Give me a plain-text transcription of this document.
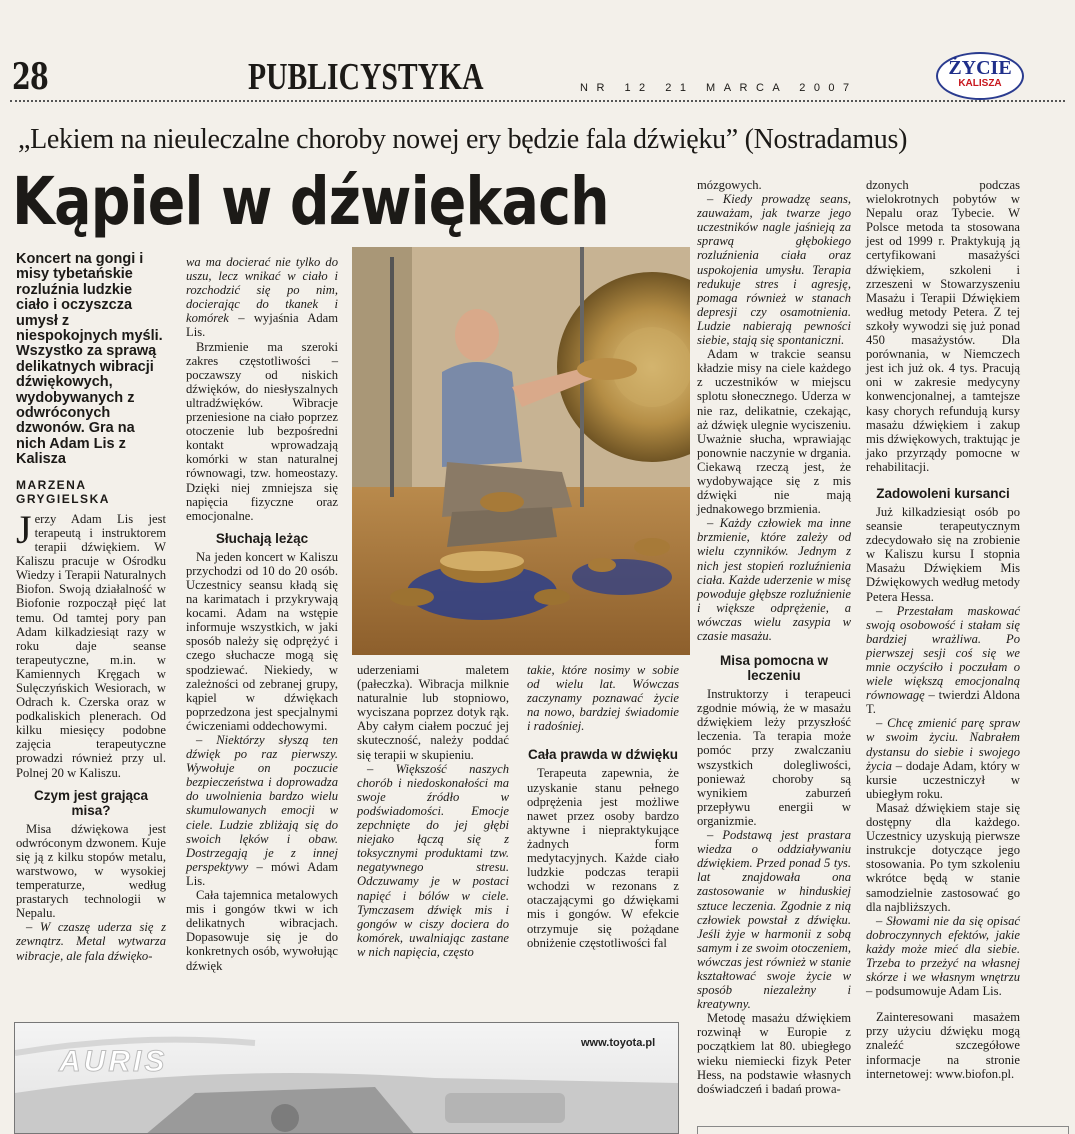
28	PUBLICYSTYKA	NR 12 21 MARCA 2007
ŻYCIE
KALISZA
„Lekiem na nieuleczalne choroby nowej ery będzie fala dźwięku” (Nostradamus)
Kąpiel w dźwiękach
Koncert na gongi i misy tybetańskie rozluźnia ludzkie ciało i oczyszcza umysł z niespokojnych myśli. Wszystko za sprawą delikatnych wibracji dźwiękowych, wydobywanych z odwróconych dzwonów. Gra na nich Adam Lis z Kalisza
MARZENA GRYGIELSKA

Jerzy Adam Lis jest terapeutą i instruktorem terapii dźwiękiem. W Kaliszu pracuje w Ośrodku Wiedzy i Terapii Naturalnych Biofon. Swoją działalność w Biofonie rozpoczął pięć lat temu. Od tamtej pory pan Adam kilkadziesiąt razy w roku daje seanse terapeutyczne, m.in. w Kamiennych Kręgach w Sulęczyńskich Wesiorach, w Odrach k. Czerska oraz w podkaliskich plenerach. Od kilku miesięcy podobne zajęcia terapeutyczne prowadzi również przy ul. Polnej 20 w Kaliszu.

Czym jest grająca misa?

Misa dźwiękowa jest odwróconym dzwonem. Kuje się ją z kilku stopów metalu, warstwowo, w wysokiej temperaturze, według prastarych technologii w Nepalu.

– W czaszę uderza się z zewnątrz. Metal wytwarza wibracje, ale fala dźwięko-

wa ma docierać nie tylko do uszu, lecz wnikać w ciało i rozchodzić się po nim, docierając do tkanek i komórek – wyjaśnia Adam Lis.

Brzmienie ma szeroki zakres częstotliwości – poczawszy od niskich dźwięków, do niesłyszalnych ultradźwięków. Wibracje przeniesione na ciało poprzez otoczenie lub bezpośredni kontakt wprowadzają komórki w stan naturalnej równowagi, tzw. homeostazy. Dzięki niej zmniejsza się napięcia fizyczne oraz emocjonalne.

Słuchają leżąc

Na jeden koncert w Kaliszu przychodzi od 10 do 20 osób. Uczestnicy seansu kładą się na karimatach i przykrywają kocami. Adam na wstępie informuje wszystkich, w jaki sposób należy się odprężyć i czego słuchacze mogą się spodziewać. Niekiedy, w zależności od zebranej grupy, kąpiel w dźwiękach poprzedzona jest specjalnymi ćwiczeniami oddechowymi.

– Niektórzy słyszą ten dźwięk po raz pierwszy. Wywołuje on poczucie bezpieczeństwa i doprowadza do uwolnienia bardzo wielu skumulowanych emocji w ciele. Ludzie zbliżają się do swoich lęków i obaw. Dostrzegają je z innej perspektywy – mówi Adam Lis.

Cała tajemnica metalowych mis i gongów tkwi w ich delikatnych wibracjach. Dopasowuje się je do konkretnych osób, wywołując dźwięk

uderzeniami maletem (pałeczka). Wibracja milknie naturalnie lub stopniowo, wyciszana poprzez dotyk rąk. Aby całym ciałem poczuć jej skuteczność, należy poddać się terapii w skupieniu.

– Większość naszych chorób i niedoskonałości ma swoje źródło w podświadomości. Emocje zepchnięte do jej głębi niejako łączą się z toksycznymi produktami tzw. negatywnego stresu. Odczuwamy je w postaci napięć i bólów w ciele. Tymczasem dźwięk mis i gongów w ciszy dociera do komórek, uwalniając zastane w nich napięcia, często

takie, które nosimy w sobie od wielu lat. Wówczas zaczynamy poznawać życie na nowo, bardziej świadomie i radośniej.

Cała prawda w dźwięku

Terapeuta zapewnia, że uzyskanie stanu pełnego odprężenia jest możliwe nawet przez osoby bardzo aktywne i niepraktykujące żadnych form medytacyjnych. Każde ciało ludzkie podczas terapii wchodzi w rezonans z otaczającymi go dźwiękami mis i gongów. W efekcie otrzymuje się pożądane obniżenie częstotliwości fal

mózgowych.

– Kiedy prowadzę seans, zauważam, jak twarze jego uczestników nagle jaśnieją za sprawą głębokiego rozluźnienia ciała oraz uspokojenia umysłu. Terapia redukuje stres i agresję, pomaga również w stanach depresji czy osamotnienia. Ludzie nabierają pewności siebie, stają się spontaniczni.

Adam w trakcie seansu kładzie misy na ciele każdego z uczestników w miejscu splotu słonecznego. Uderza w nie raz, delikatnie, czekając, aż dźwięk ulegnie wyciszeniu. Uważnie słucha, wprawiając ponownie naczynie w drgania. Ciekawą rzeczą jest, że wydobywające się z mis dźwięki nie mają jednakowego brzmienia.

– Każdy człowiek ma inne brzmienie, które zależy od wielu czynników. Jednym z nich jest stopień rozluźnienia ciała. Każde uderzenie w misę powoduje głębsze rozluźnienie i większe odprężenie, a wówczas wielu zasypia w czasie masażu.

Misa pomocna w leczeniu

Instruktorzy i terapeuci zgodnie mówią, że w masażu dźwiękiem leży przyszłość leczenia. Ta terapia może pomóc przy zwalczaniu wszystkich dolegliwości, ponieważ choroby są wynikiem zaburzeń przepływu energii w organizmie.

– Podstawą jest prastara wiedza o oddziaływaniu dźwiękiem. Przed ponad 5 tys. lat znajdowała ona zastosowanie w hinduskiej sztuce leczenia. Zgodnie z nią człowiek powstał z dźwięku. Jeśli żyje w harmonii z sobą samym i ze swoim otoczeniem, wówczas jest również w stanie kształtować swoje życie w sposób niezależny i kreatywny.

Metodę masażu dźwiękiem rozwinął w Europie z początkiem lat 80. ubiegłego wieku niemiecki fizyk Peter Hess, na podstawie własnych doświadczeń i badań prowa-

dzonych podczas wielokrotnych pobytów w Nepalu oraz Tybecie. W Polsce metoda ta stosowana jest od 1999 r. Praktykują ją certyfikowani masażyści dźwiękiem, szkoleni i zrzeszeni w Stowarzyszeniu Masażu i Terapii Dźwiękiem według metody Petera. Z tej szkoły wywodzi się już ponad 450 masażystów. Dla porównania, w Niemczech jest ich już ok. 4 tys. Pracują oni w zakresie medycyny konwencjonalnej, a tamtejsze kasy chorych refundują kursy masażu dźwiękiem i zakup mis dźwiękowych, traktując je jako przyrządy pomocne w rehabilitacji.

Zadowoleni kursanci

Już kilkadziesiąt osób po seansie terapeutycznym zdecydowało się na zrobienie w Kaliszu kursu I stopnia Masażu Dźwiękiem Mis Dźwiękowych według metody Petera Hessa.

– Przestałam maskować swoją osobowość i stałam się bardziej wrażliwa. Po pierwszej sesji coś się we mnie oczyściło i poczułam o wiele większą emocjonalną równowagę – twierdzi Aldona T.

– Chcę zmienić parę spraw w swoim życiu. Nabrałem dystansu do siebie i swojego życia – dodaje Adam, który w kursie uczestniczył w ubiegłym roku.

Masaż dźwiękiem staje się dostępny dla każdego. Uczestnicy uzyskują pierwsze instrukcje dotyczące jego stosowania. Po tym szkoleniu wkrótce będą w stanie samodzielnie zastosować go dla najbliższych.

– Słowami nie da się opisać dobroczynnych efektów, jakie każdy może mieć dla siebie. Trzeba to przeżyć na własnej skórze i we własnym wnętrzu – podsumowuje Adam Lis.

Zainteresowani masażem przy użyciu dźwięku mogą znaleźć szczegółowe informacje na stronie internetowej: www.biofon.pl.

AURIS
www.toyota.pl
